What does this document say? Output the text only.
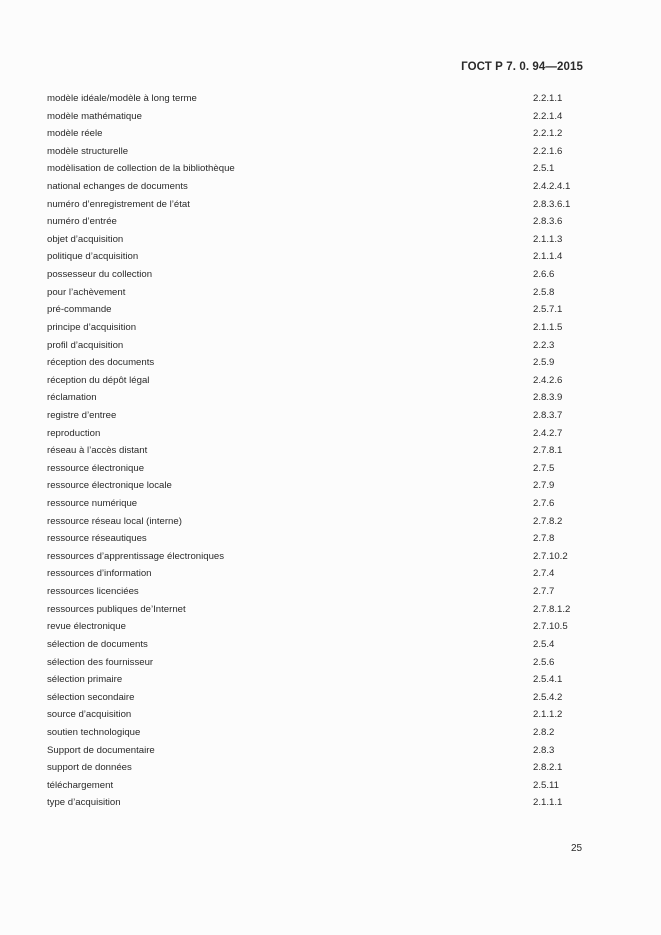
ГОСТ Р 7. 0. 94—2015
modèle idéale/modèle à long terme	2.2.1.1
modèle mathématique	2.2.1.4
modèle réele	2.2.1.2
modèle structurelle	2.2.1.6
modèlisation de collection de la bibliothèque	2.5.1
national echanges de documents	2.4.2.4.1
numéro d’enregistrement de l’état	2.8.3.6.1
numéro d’entrée	2.8.3.6
objet d’acquisition	2.1.1.3
politique d’acquisition	2.1.1.4
possesseur du collection	2.6.6
pour l’achèvement	2.5.8
pré-commande	2.5.7.1
principe d’acquisition	2.1.1.5
profil d’acquisition	2.2.3
réception des documents	2.5.9
réception du dépôt légal	2.4.2.6
réclamation	2.8.3.9
registre d’entree	2.8.3.7
reproduction	2.4.2.7
réseau à l’accès distant	2.7.8.1
ressource électronique	2.7.5
ressource électronique locale	2.7.9
ressource numérique	2.7.6
ressource réseau local (interne)	2.7.8.2
ressource réseautiques	2.7.8
ressources d’apprentissage électroniques	2.7.10.2
ressources d’information	2.7.4
ressources licenciées	2.7.7
ressources publiques de’Internet	2.7.8.1.2
revue électronique	2.7.10.5
sélection de documents	2.5.4
sélection des fournisseur	2.5.6
sélection primaire	2.5.4.1
sélection secondaire	2.5.4.2
source d’acquisition	2.1.1.2
soutien technologique	2.8.2
Support de documentaire	2.8.3
support de données	2.8.2.1
téléchargement	2.5.11
type d’acquisition	2.1.1.1
25
